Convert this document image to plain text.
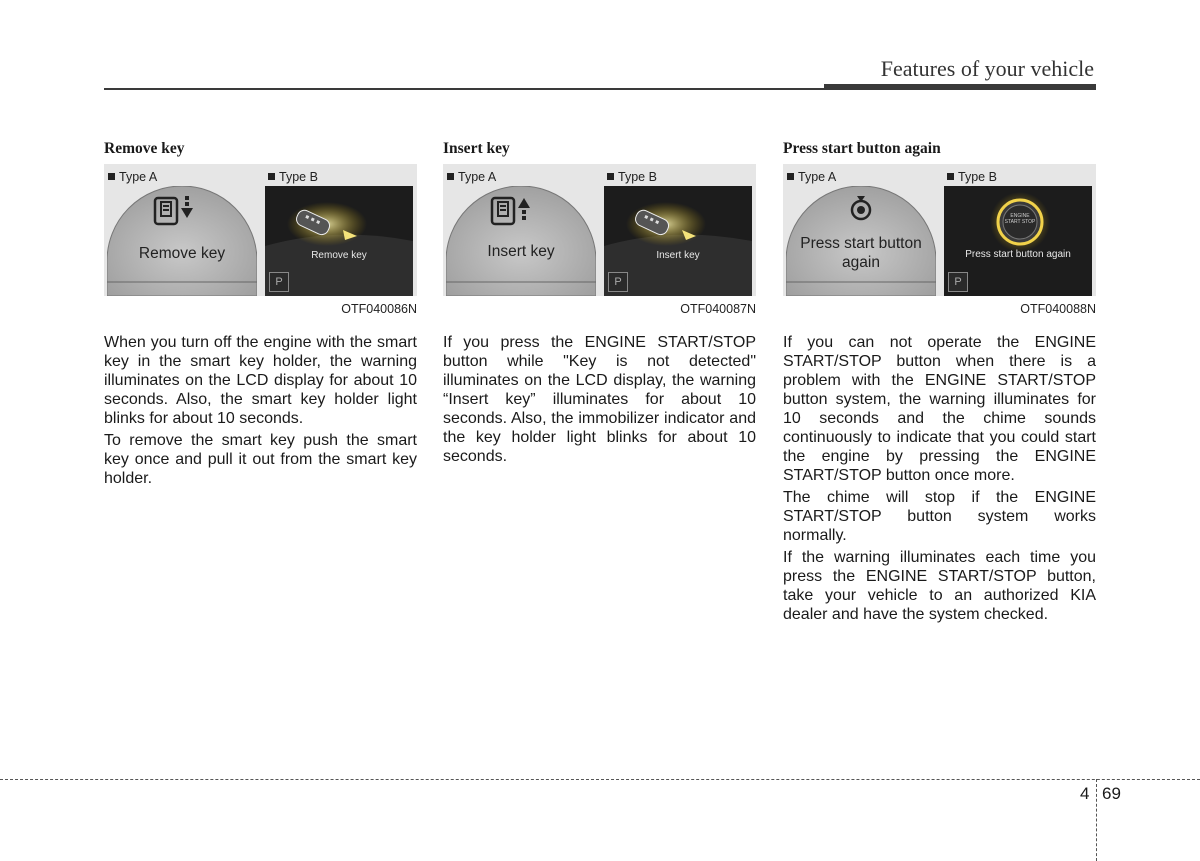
Features of your vehicle
Remove key
Type A	Type B
Remove key	Remove key
P
OTF040086N

When you turn off the engine with the smart key in the smart key holder, the warning illuminates on the LCD display for about 10 seconds. Also, the smart key holder light blinks for about 10 seconds.

To remove the smart key push the smart key once and pull it out from the smart key holder.

Insert key
Type A	Type B
Insert key	Insert key
P
OTF040087N

If you press the ENGINE START/STOP button while "Key is not detected" illuminates on the LCD display, the warning “Insert key” illuminates for about 10 seconds. Also, the immobilizer indicator and the key holder light blinks for about 10 seconds.

Press start button again
Type A	Type B
Press start button again
ENGINE START STOP
Press start button again
P
OTF040088N

If you can not operate the ENGINE START/STOP button when there is a problem with the ENGINE START/STOP button system, the warning illuminates for 10 seconds and the chime sounds continuously to indicate that you could start the engine by pressing the ENGINE START/STOP button once more.

The chime will stop if the ENGINE START/STOP button system works normally.

If the warning illuminates each time you press the ENGINE START/STOP button, take your vehicle to an authorized KIA dealer and have the system checked.

4 69
